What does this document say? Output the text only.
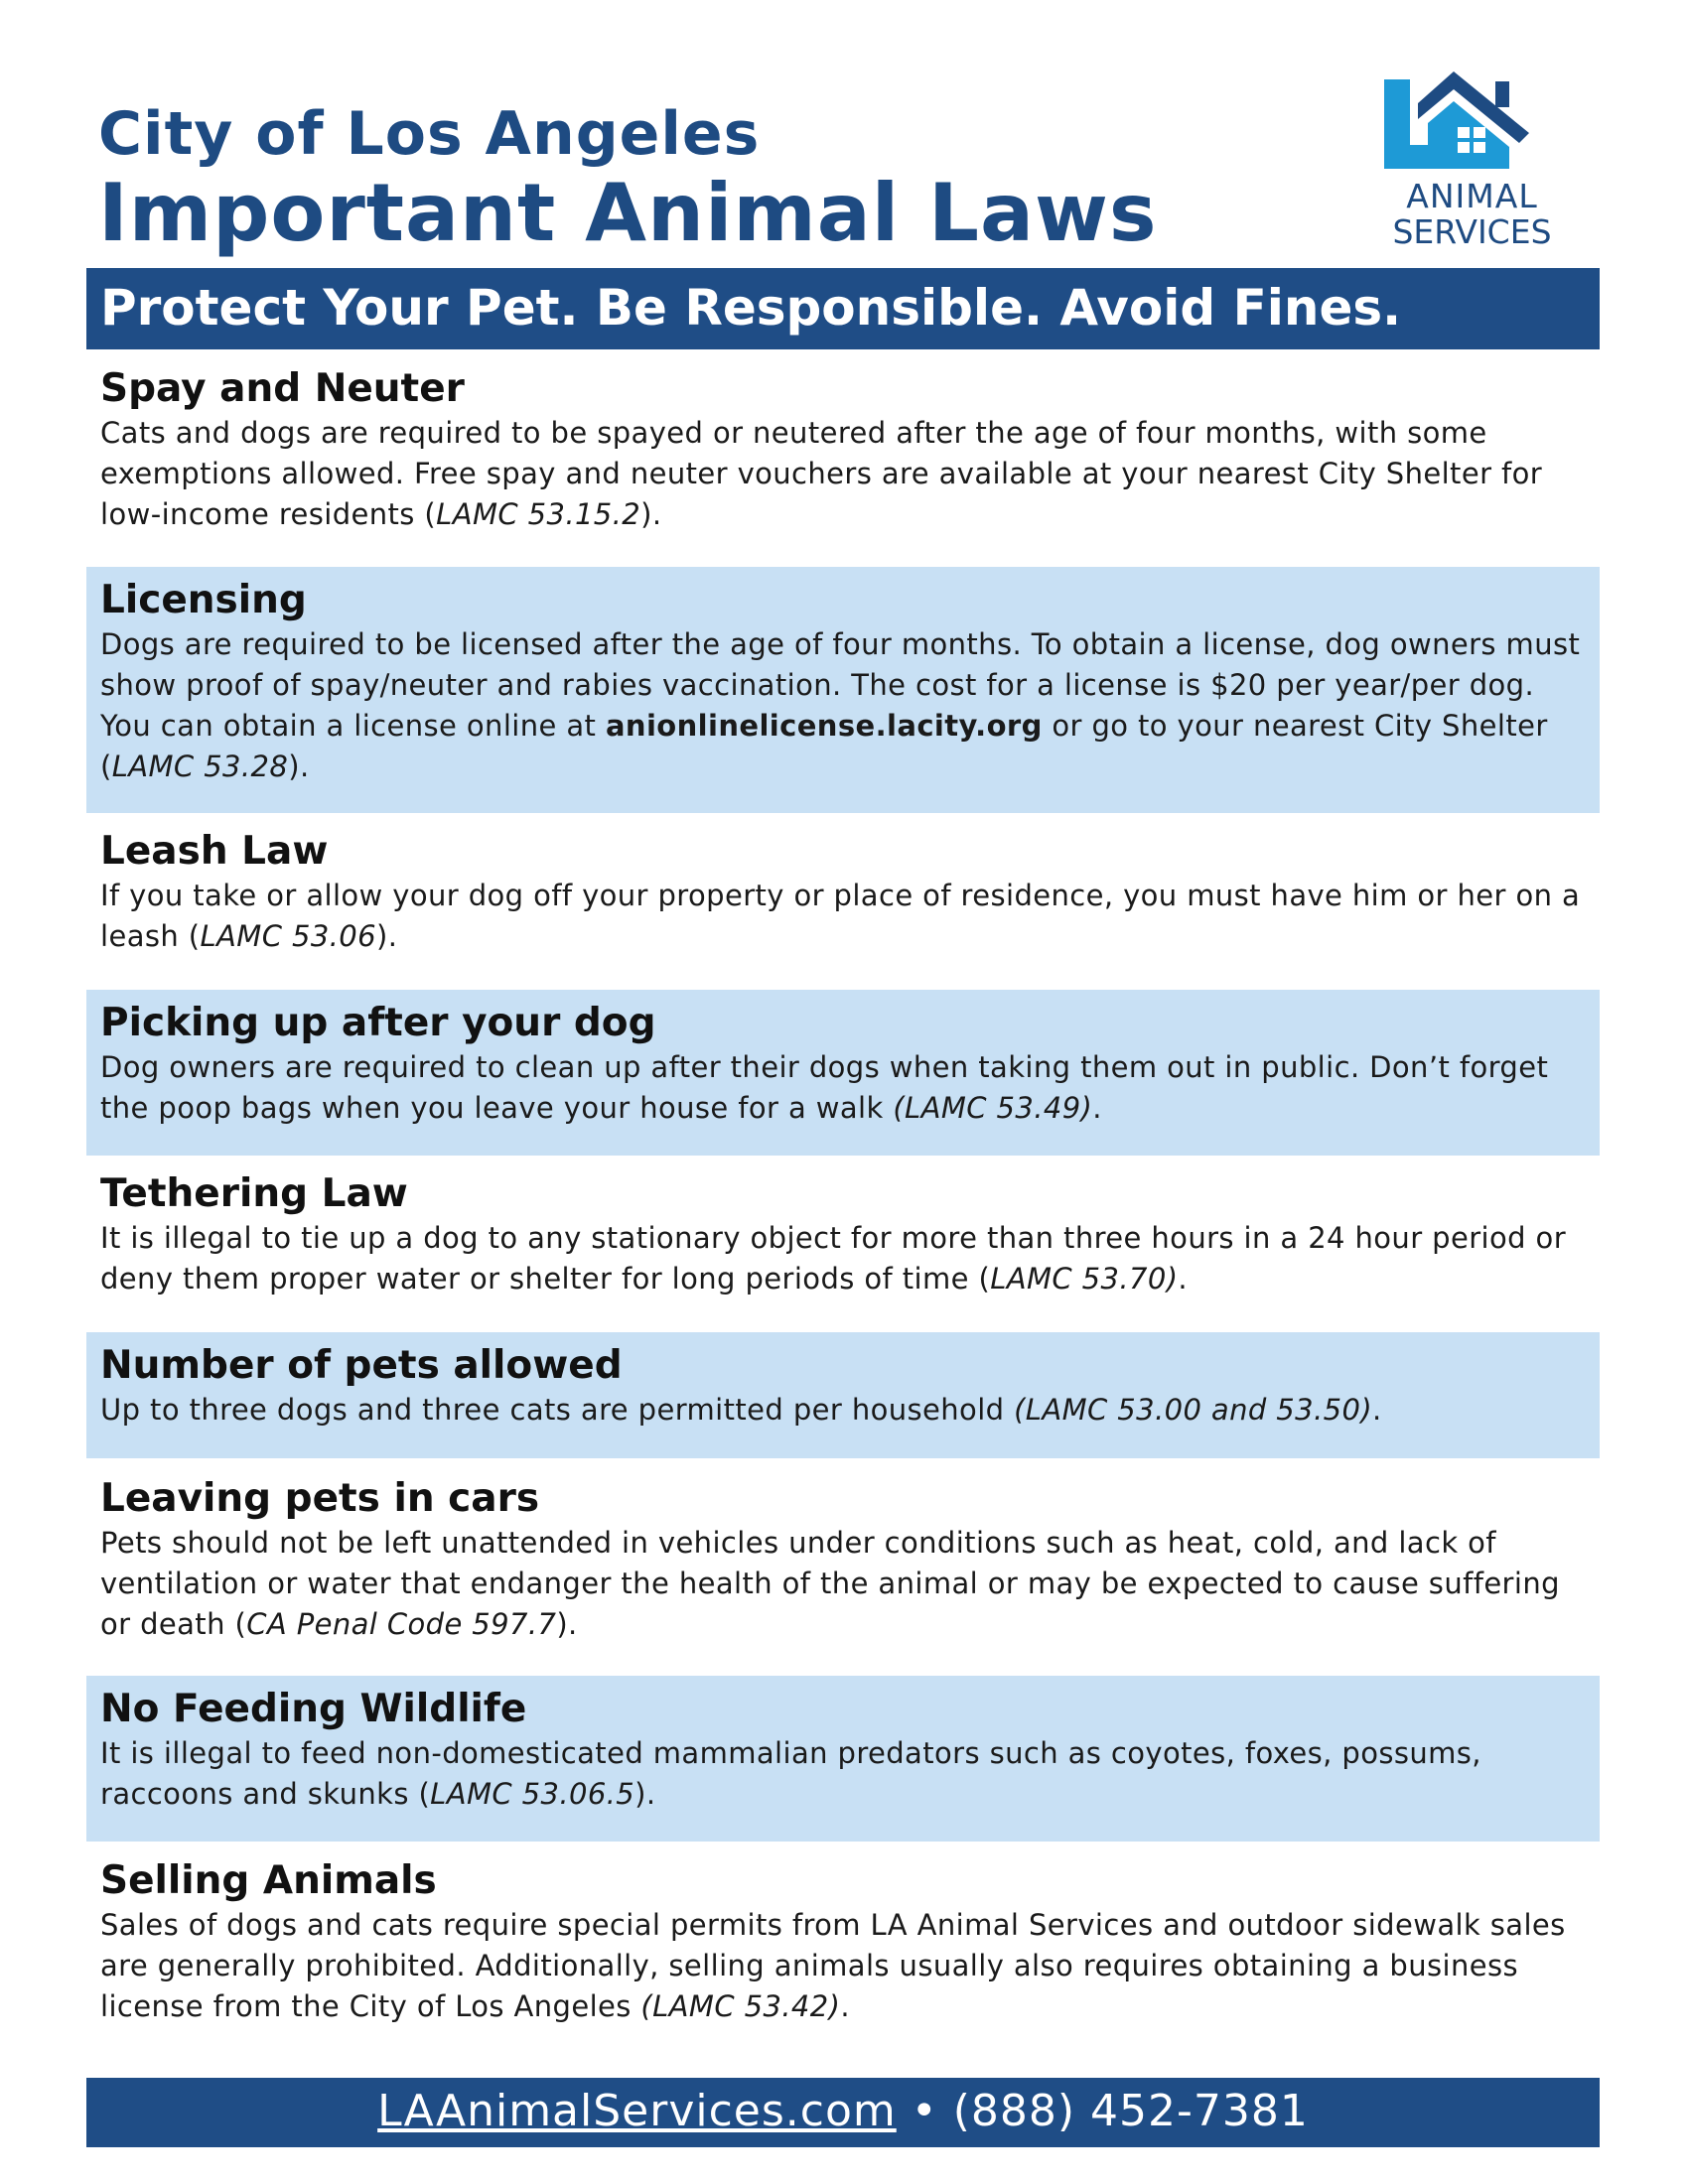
City of Los Angeles
Important Animal Laws	ANIMAL
SERVICES
Protect Your Pet. Be Responsible. Avoid Fines.
Spay and Neuter

Cats and dogs are required to be spayed or neutered after the age of four months, with some exemptions allowed. Free spay and neuter vouchers are available at your nearest City Shelter for low-income residents (LAMC 53.15.2).

Licensing

Dogs are required to be licensed after the age of four months. To obtain a license, dog owners must show proof of spay/neuter and rabies vaccination. The cost for a license is $20 per year/per dog. You can obtain a license online at anionlinelicense.lacity.org or go to your nearest City Shelter (LAMC 53.28).

Leash Law

If you take or allow your dog off your property or place of residence, you must have him or her on a leash (LAMC 53.06).

Picking up after your dog

Dog owners are required to clean up after their dogs when taking them out in public. Don’t forget the poop bags when you leave your house for a walk (LAMC 53.49).

Tethering Law

It is illegal to tie up a dog to any stationary object for more than three hours in a 24 hour period or deny them proper water or shelter for long periods of time (LAMC 53.70).

Number of pets allowed

Up to three dogs and three cats are permitted per household (LAMC 53.00 and 53.50).

Leaving pets in cars

Pets should not be left unattended in vehicles under conditions such as heat, cold, and lack of ventilation or water that endanger the health of the animal or may be expected to cause suffering or death (CA Penal Code 597.7).

No Feeding Wildlife

It is illegal to feed non-domesticated mammalian predators such as coyotes, foxes, possums, raccoons and skunks (LAMC 53.06.5).

Selling Animals

Sales of dogs and cats require special permits from LA Animal Services and outdoor sidewalk sales are generally prohibited. Additionally, selling animals usually also requires obtaining a business license from the City of Los Angeles (LAMC 53.42).

LAAnimalServices.com • (888) 452-7381
